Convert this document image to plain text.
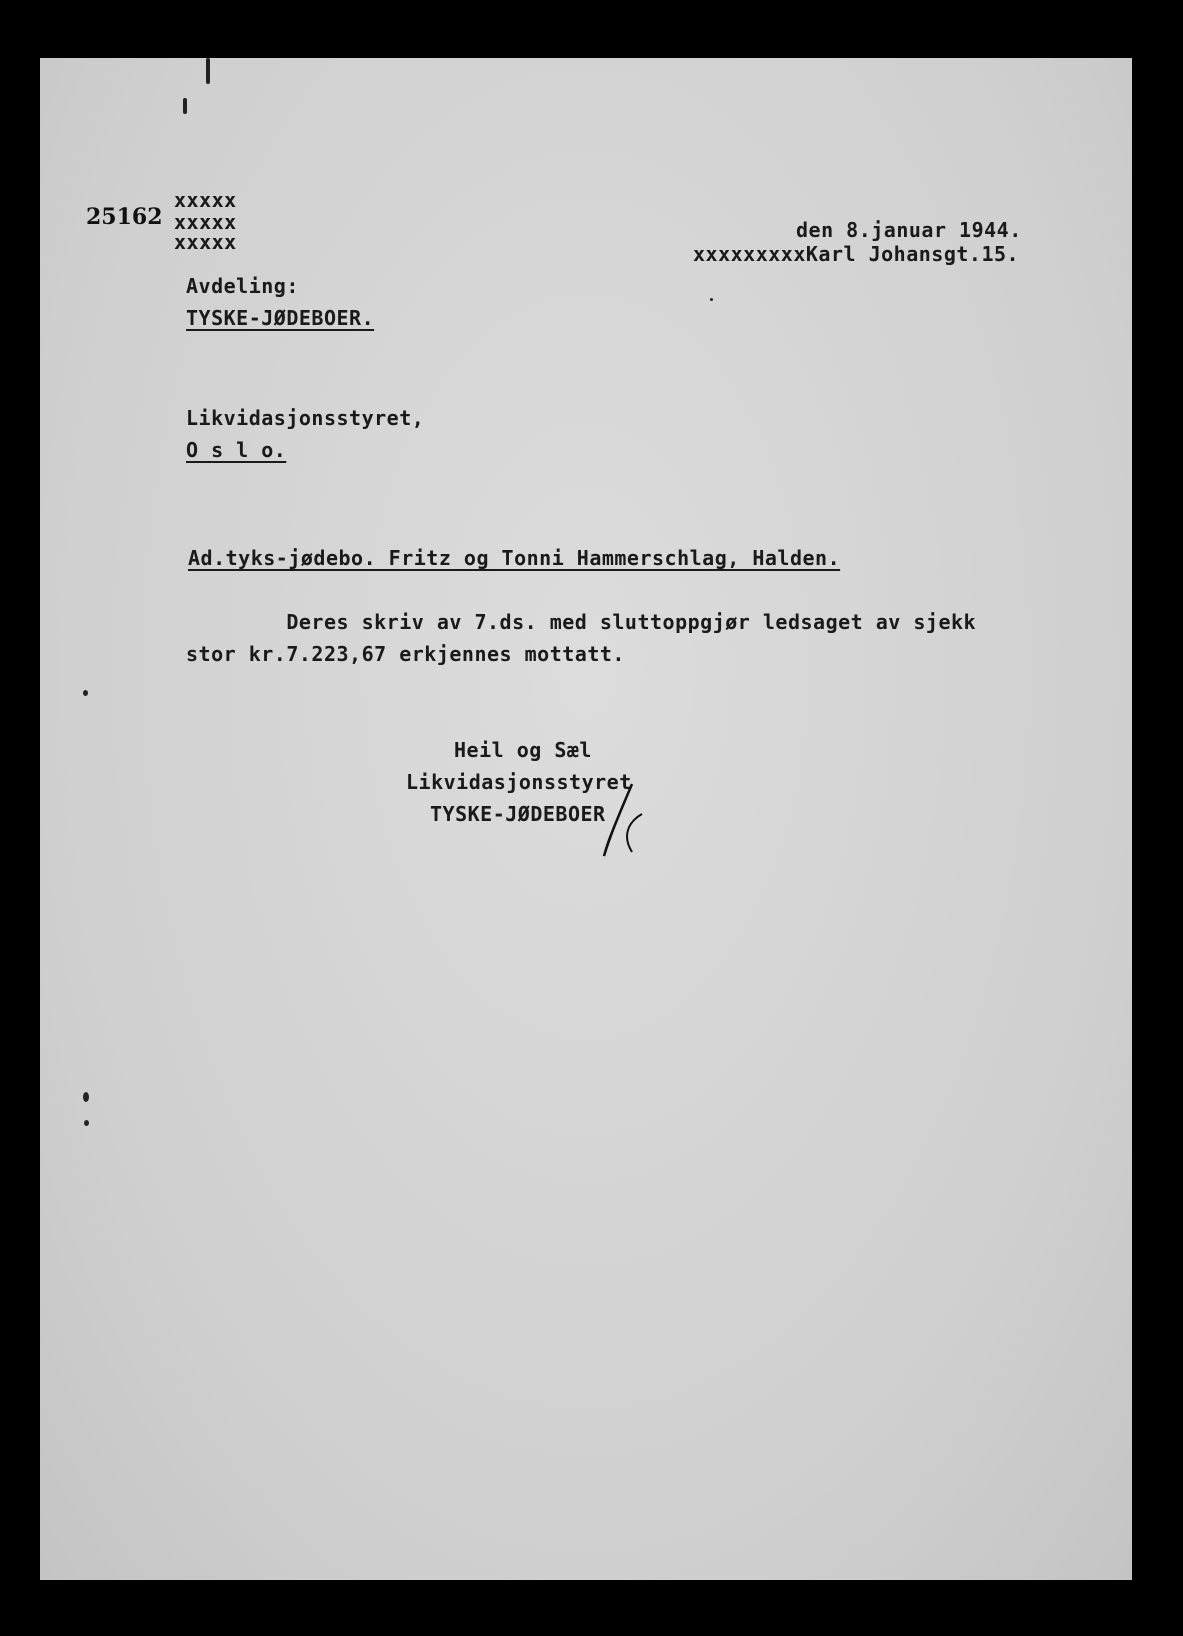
25162
xxxxx
xxxxx
xxxxx	den 8.januar 1944.
xxxxxxxxxKarl Johansgt.15.
Avdeling:
TYSKE-JØDEBOER.
Likvidasjonsstyret,
O s l o.
Ad.tyks-jødebo. Fritz og Tonni Hammerschlag, Halden.
Deres skriv av 7.ds. med sluttoppgjør ledsaget av sjekk
stor kr.7.223,67 erkjennes mottatt.
Heil og Sæl
Likvidasjonsstyret
TYSKE-JØDEBOER
